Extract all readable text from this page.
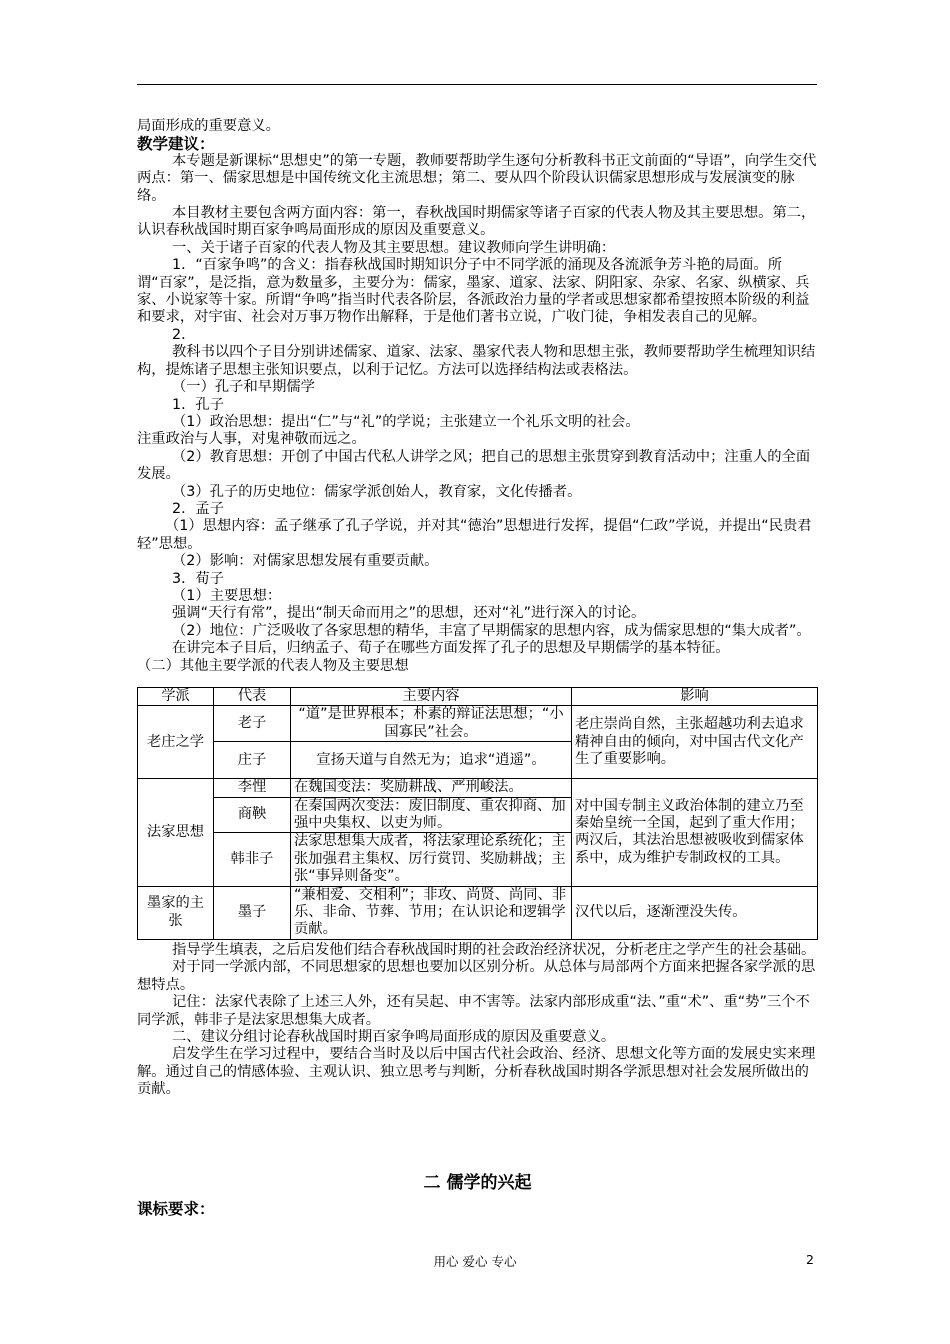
局面形成的重要意义。

教学建议：

本专题是新课标“思想史”的第一专题，教师要帮助学生逐句分析教科书正文前面的“导语”，向学生交代两点：第一、儒家思想是中国传统文化主流思想；第二、要从四个阶段认识儒家思想形成与发展演变的脉络。

本目教材主要包含两方面内容：第一，春秋战国时期儒家等诸子百家的代表人物及其主要思想。第二，认识春秋战国时期百家争鸣局面形成的原因及重要意义。

一、关于诸子百家的代表人物及其主要思想。建议教师向学生讲明确：

1．“百家争鸣”的含义：指春秋战国时期知识分子中不同学派的涌现及各流派争芳斗艳的局面。所谓“百家”，是泛指，意为数量多，主要分为：儒家，墨家、道家、法家、阴阳家、杂家、名家、纵横家、兵家、小说家等十家。所谓“争鸣”指当时代表各阶层，各派政治力量的学者或思想家都希望按照本阶级的利益和要求，对宇宙、社会对万事万物作出解释，于是他们著书立说，广收门徒，争相发表自己的见解。

2．

教科书以四个子目分别讲述儒家、道家、法家、墨家代表人物和思想主张，教师要帮助学生梳理知识结构，提炼诸子思想主张知识要点，以利于记忆。方法可以选择结构法或表格法。

（一）孔子和早期儒学

1．孔子

（1）政治思想：提出“仁”与“礼”的学说；主张建立一个礼乐文明的社会。

注重政治与人事，对鬼神敬而远之。

（2）教育思想：开创了中国古代私人讲学之风；把自己的思想主张贯穿到教育活动中；注重人的全面发展。

（3）孔子的历史地位：儒家学派创始人，教育家，文化传播者。

2．孟子

（1）思想内容：孟子继承了孔子学说，并对其“德治”思想进行发挥，提倡“仁政”学说，并提出“民贵君轻”思想。

（2）影响：对儒家思想发展有重要贡献。

3．荀子

（1）主要思想：

强调“天行有常”，提出“制天命而用之”的思想，还对“礼”进行深入的讨论。

（2）地位：广泛吸收了各家思想的精华，丰富了早期儒家的思想内容，成为儒家思想的“集大成者”。

在讲完本子目后，归纳孟子、荀子在哪些方面发挥了孔子的思想及早期儒学的基本特征。

（二）其他主要学派的代表人物及主要思想

学派	代表	主要内容	影响
老庄之学	老子	“道”是世界根本；朴素的辩证法思想；“小国寡民”社会。	老庄崇尚自然，主张超越功利去追求精神自由的倾向，对中国古代文化产生了重要影响。
	庄子	宣扬天道与自然无为；追求“逍遥”。	
法家思想	李悝	在魏国变法：奖励耕战、严刑峻法。	对中国专制主义政治体制的建立乃至秦始皇统一全国，起到了重大作用；两汉后，其法治思想被吸收到儒家体系中，成为维护专制政权的工具。
	商鞅	在秦国两次变法：废旧制度、重农抑商、加强中央集权、以吏为师。	
	韩非子	法家思想集大成者，将法家理论系统化；主张加强君主集权、厉行赏罚、奖励耕战；主张“事异则备变”。	
墨家的主张	墨子	“兼相爱、交相利”；非攻、尚贤、尚同、非乐、非命、节葬、节用；在认识论和逻辑学贡献。	汉代以后，逐渐湮没失传。

指导学生填表，之后启发他们结合春秋战国时期的社会政治经济状况，分析老庄之学产生的社会基础。

对于同一学派内部，不同思想家的思想也要加以区别分析。从总体与局部两个方面来把握各家学派的思想特点。

记住：法家代表除了上述三人外，还有吴起、申不害等。法家内部形成重“法、”重“术”、重“势”三个不同学派，韩非子是法家思想集大成者。

二、建议分组讨论春秋战国时期百家争鸣局面形成的原因及重要意义。

启发学生在学习过程中，要结合当时及以后中国古代社会政治、经济、思想文化等方面的发展史实来理解。通过自己的情感体验、主观认识、独立思考与判断，分析春秋战国时期各学派思想对社会发展所做出的贡献。

二 儒学的兴起
课标要求：
用心 爱心 专心	2
